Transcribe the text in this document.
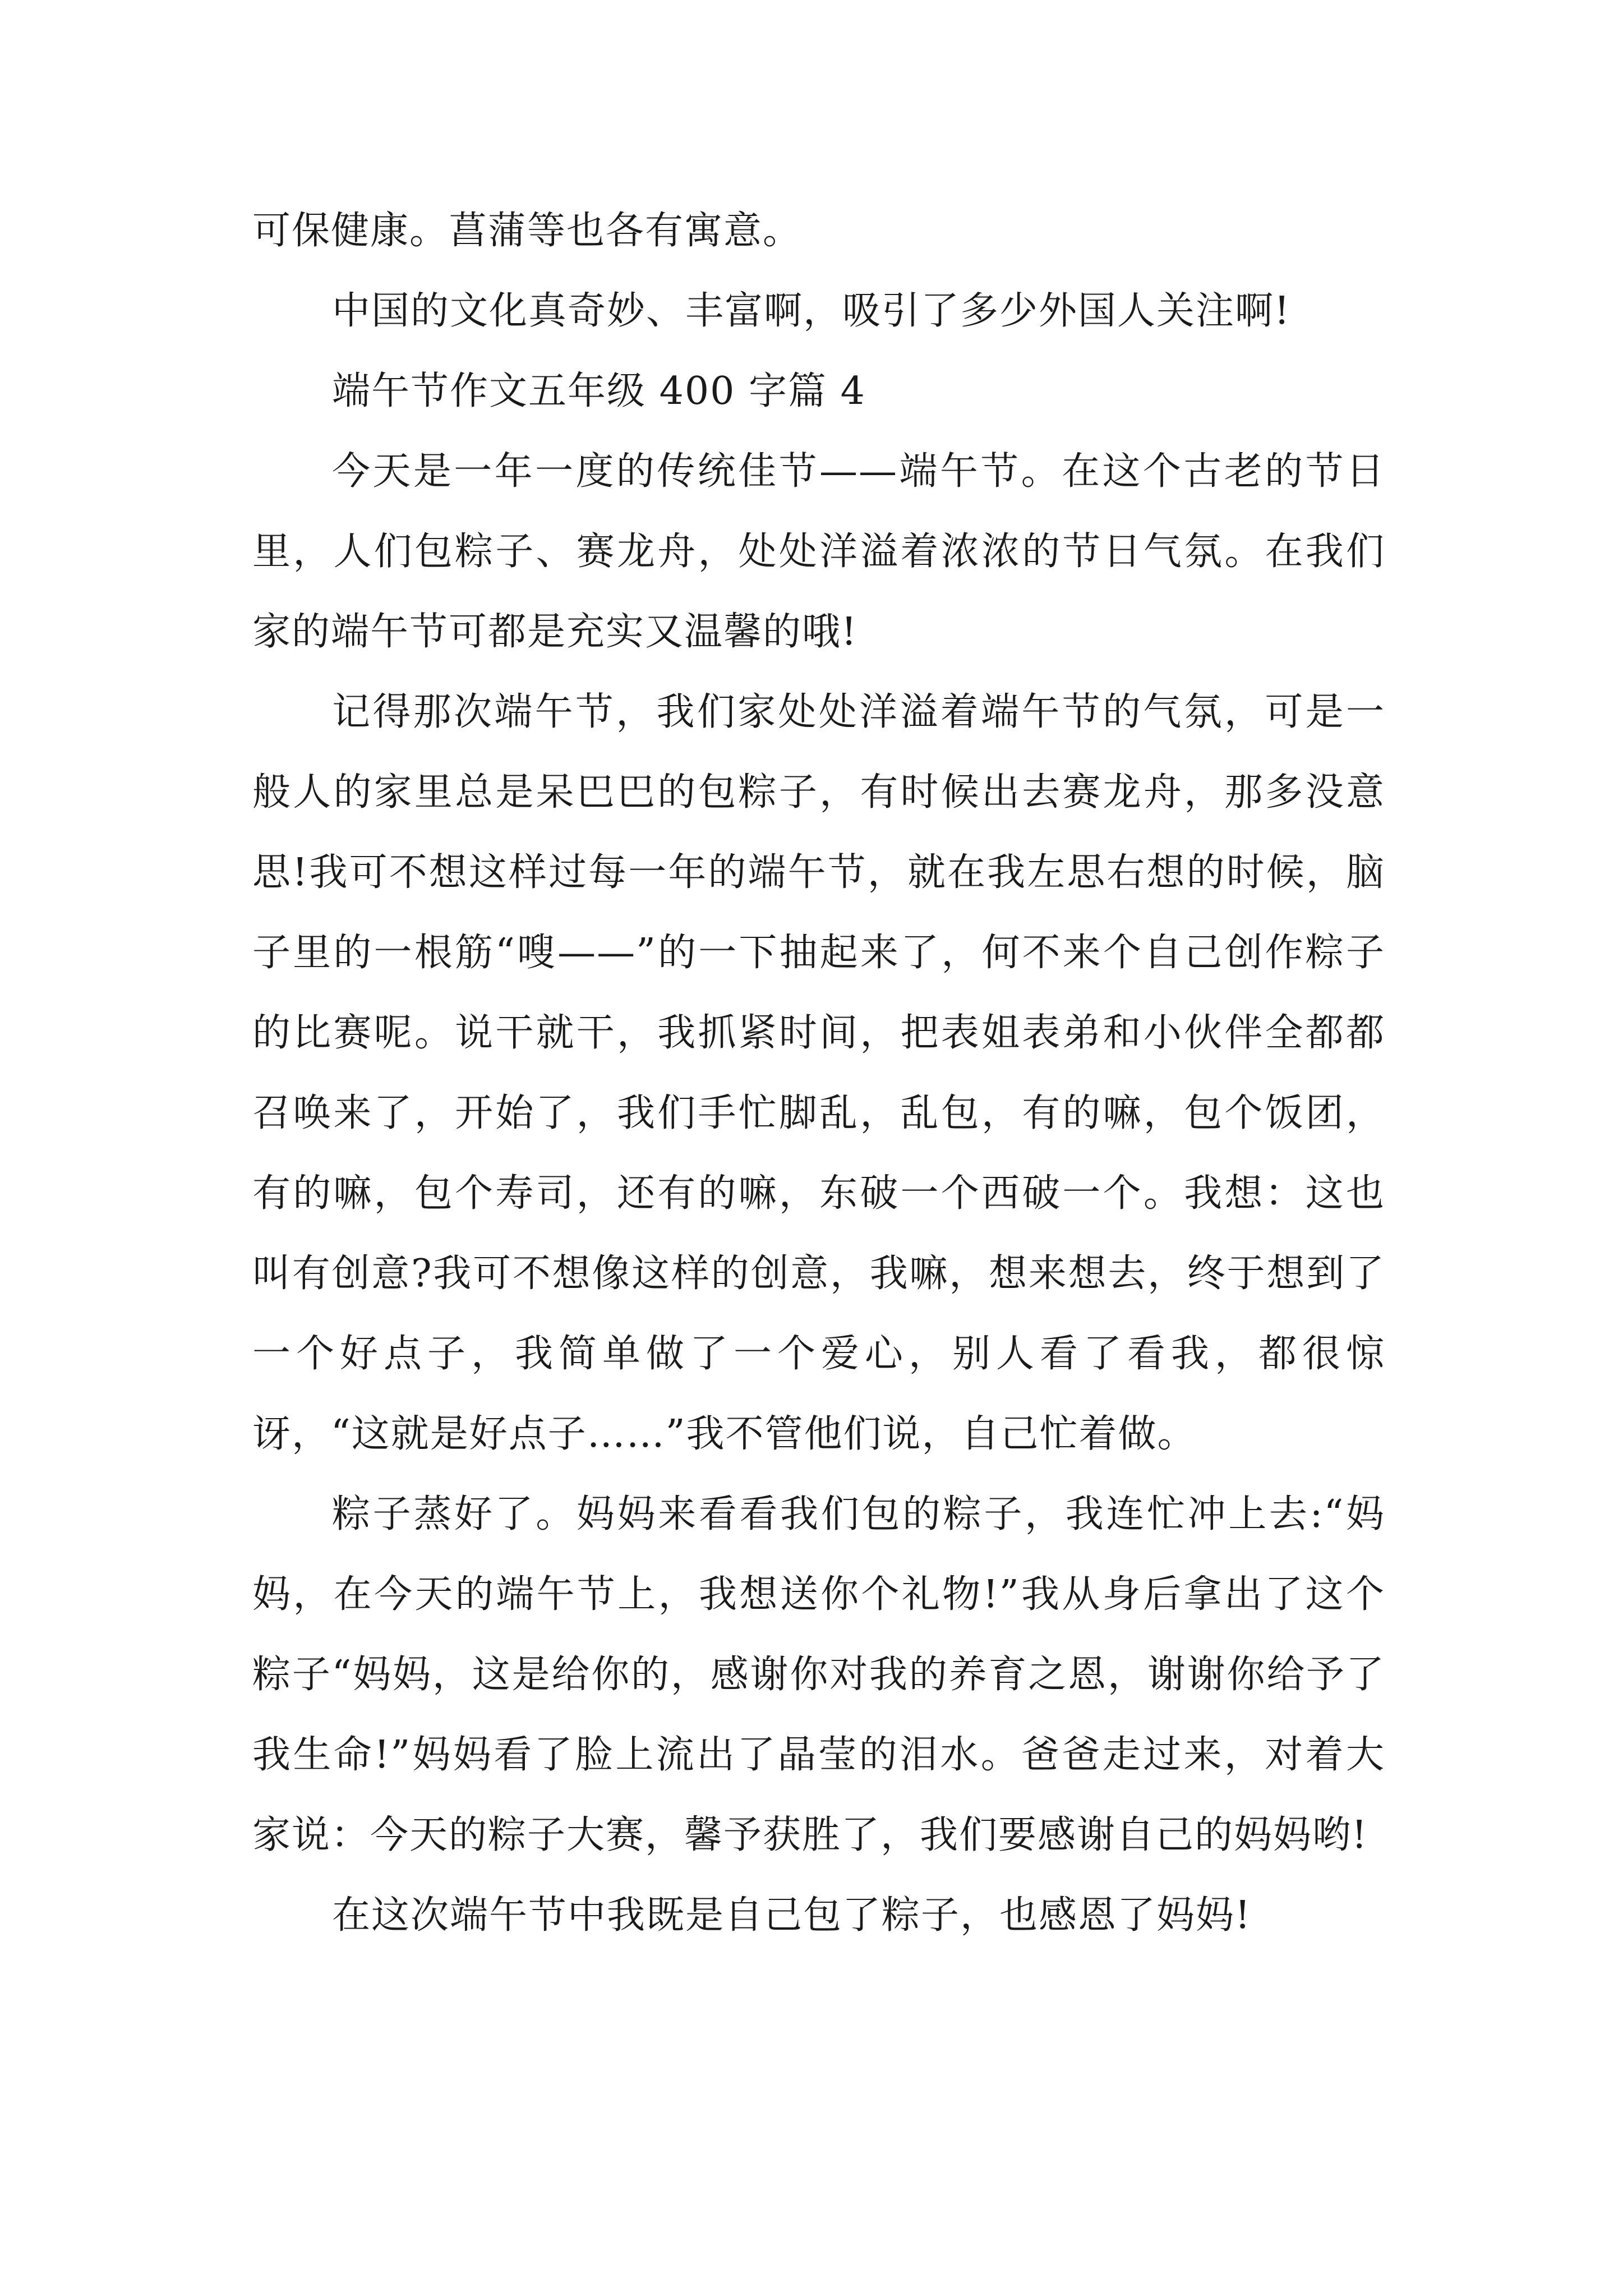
可保健康。菖蒲等也各有寓意。

中国的文化真奇妙、丰富啊，吸引了多少外国人关注啊!

端午节作文五年级 400 字篇 4

今天是一年一度的传统佳节——端午节。在这个古老的节日里，人们包粽子、赛龙舟，处处洋溢着浓浓的节日气氛。在我们家的端午节可都是充实又温馨的哦!

记得那次端午节，我们家处处洋溢着端午节的气氛，可是一般人的家里总是呆巴巴的包粽子，有时候出去赛龙舟，那多没意思!我可不想这样过每一年的端午节，就在我左思右想的时候，脑子里的一根筋“嗖——”的一下抽起来了，何不来个自己创作粽子的比赛呢。说干就干，我抓紧时间，把表姐表弟和小伙伴全都都召唤来了，开始了，我们手忙脚乱，乱包，有的嘛，包个饭团，有的嘛，包个寿司，还有的嘛，东破一个西破一个。我想：这也叫有创意?我可不想像这样的创意，我嘛，想来想去，终于想到了一个好点子，我简单做了一个爱心，别人看了看我，都很惊讶，“这就是好点子……”我不管他们说，自己忙着做。

粽子蒸好了。妈妈来看看我们包的粽子，我连忙冲上去:“妈妈，在今天的端午节上，我想送你个礼物!”我从身后拿出了这个粽子“妈妈，这是给你的，感谢你对我的养育之恩，谢谢你给予了我生命!”妈妈看了脸上流出了晶莹的泪水。爸爸走过来，对着大家说：今天的粽子大赛，馨予获胜了，我们要感谢自己的妈妈哟!

在这次端午节中我既是自己包了粽子，也感恩了妈妈!
